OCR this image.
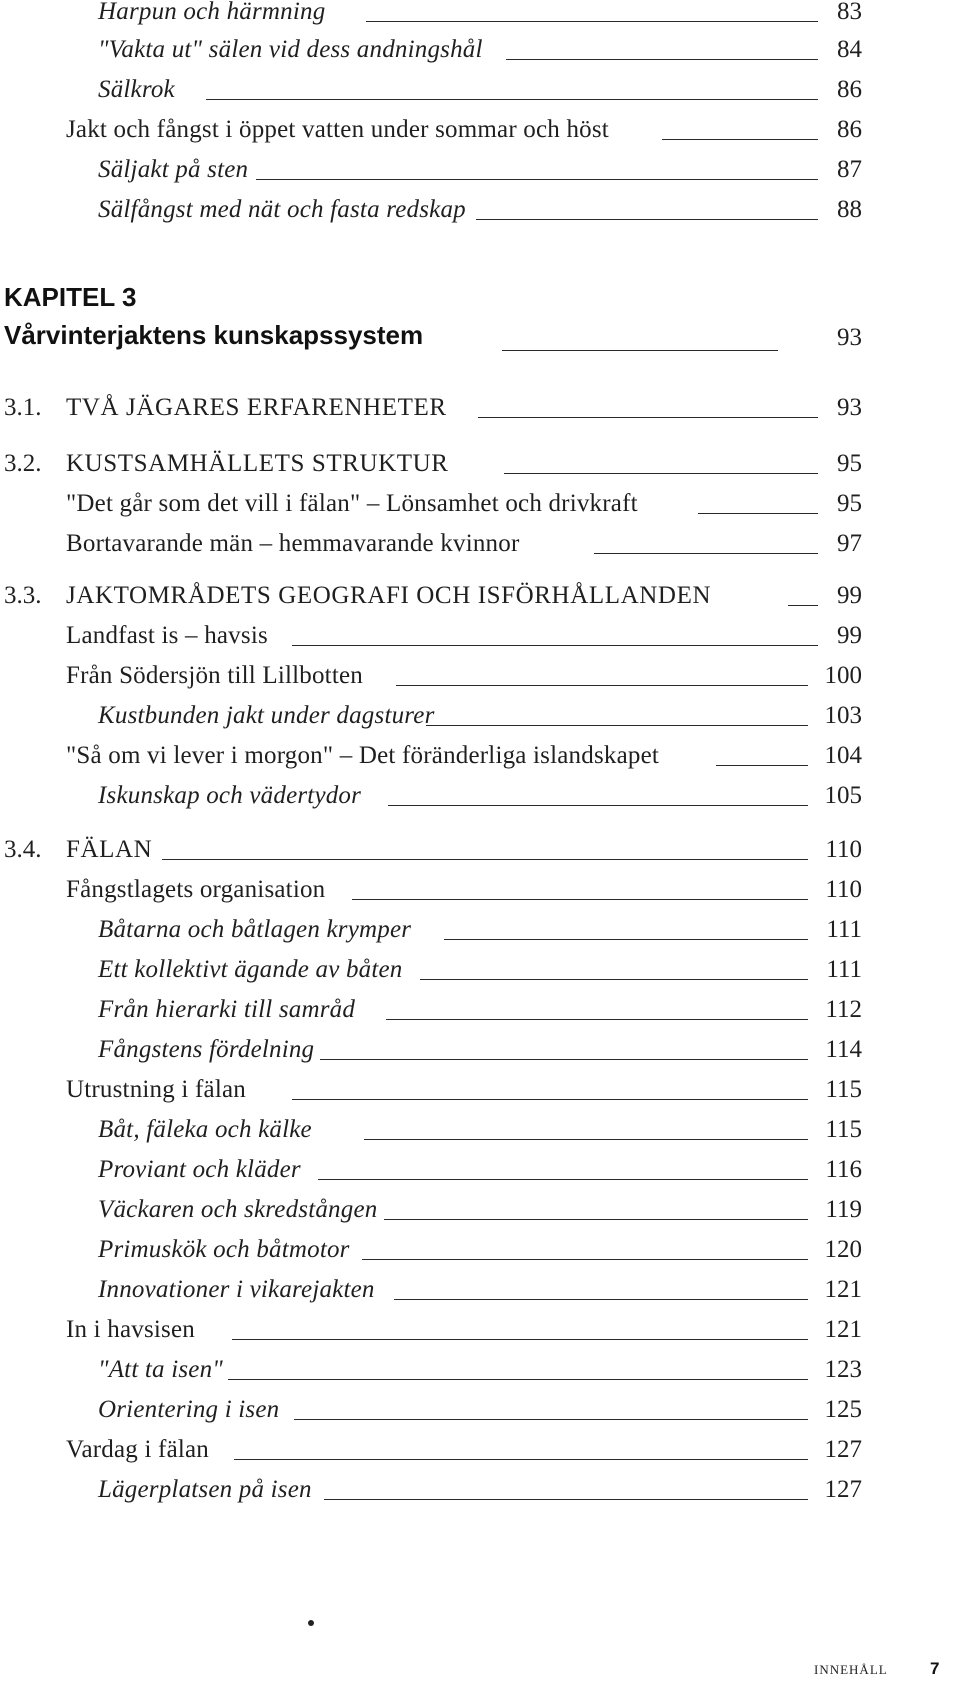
Harpun och härmning	83
"Vakta ut" sälen vid dess andningshål	84
Sälkrok	86
Jakt och fångst i öppet vatten under sommar och höst	86
Säljakt på sten	87
Sälfångst med nät och fasta redskap	88
KAPITEL 3
Vårvinterjaktens kunskapssystem	93
3.1. TVÅ JÄGARES ERFARENHETER	93
3.2. KUSTSAMHÄLLETS STRUKTUR	95
"Det går som det vill i fälan" – Lönsamhet och drivkraft	95
Bortavarande män – hemmavarande kvinnor	97
3.3. JAKTOMRÅDETS GEOGRAFI OCH ISFÖRHÅLLANDEN	99
Landfast is – havsis	99
Från Södersjön till Lillbotten	100
Kustbunden jakt under dagsturer	103
"Så om vi lever i morgon" – Det föränderliga islandskapet	104
Iskunskap och vädertydor	105
3.4. FÄLAN	110
Fångstlagets organisation	110
Båtarna och båtlagen krymper	111
Ett kollektivt ägande av båten	111
Från hierarki till samråd	112
Fångstens fördelning	114
Utrustning i fälan	115
Båt, fäleka och kälke	115
Proviant och kläder	116
Väckaren och skredstången	119
Primuskök och båtmotor	120
Innovationer i vikarejakten	121
In i havsisen	121
"Att ta isen"	123
Orientering i isen	125
Vardag i fälan	127
Lägerplatsen på isen	127
INNEHÅLL 7
